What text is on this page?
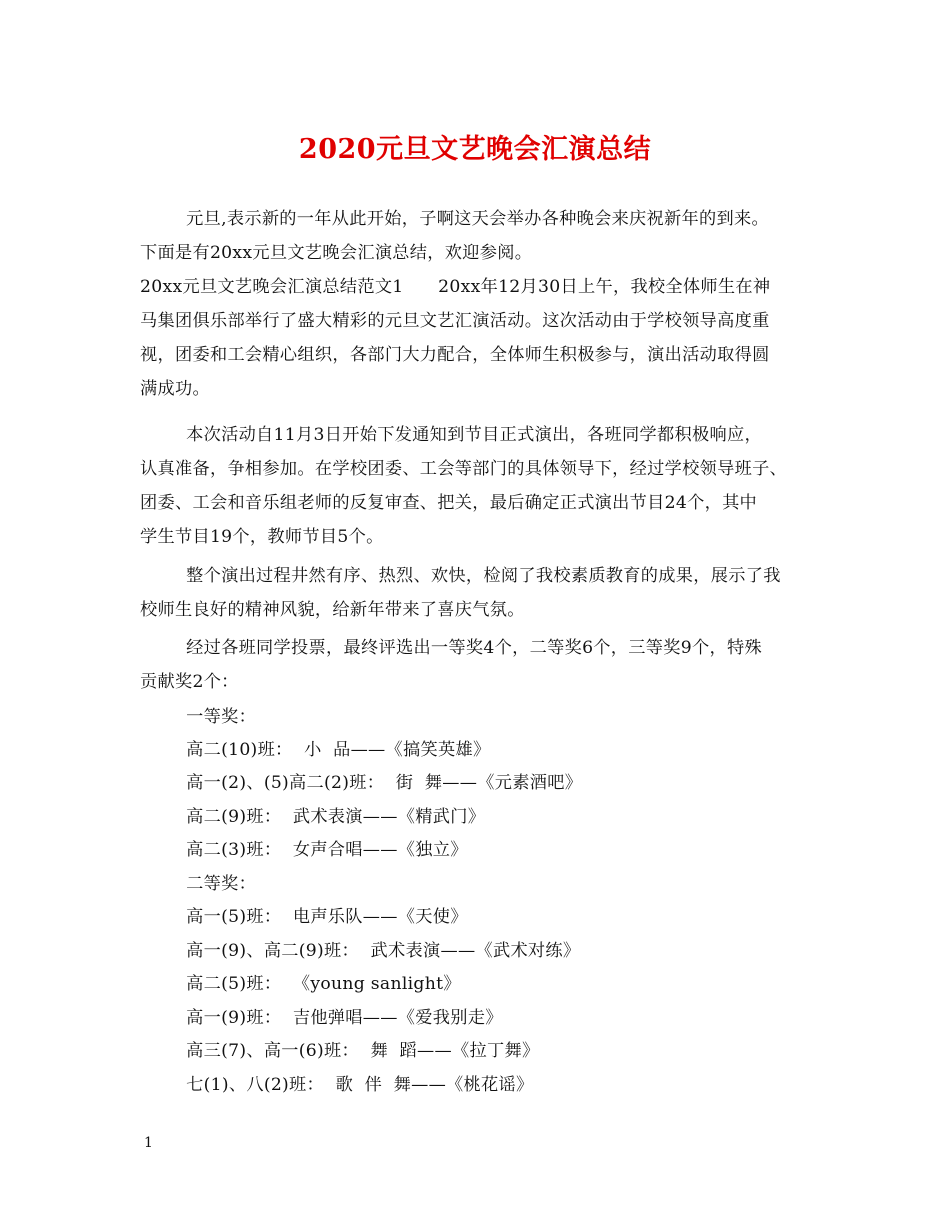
2020元旦文艺晚会汇演总结
元旦,表示新的一年从此开始，子啊这天会举办各种晚会来庆祝新年的到来。
下面是有20xx元旦文艺晚会汇演总结，欢迎参阅。
20xx元旦文艺晚会汇演总结范文1      20xx年12月30日上午，我校全体师生在神
马集团俱乐部举行了盛大精彩的元旦文艺汇演活动。这次活动由于学校领导高度重
视，团委和工会精心组织，各部门大力配合，全体师生积极参与，演出活动取得圆
满成功。
本次活动自11月3日开始下发通知到节目正式演出，各班同学都积极响应，
认真准备，争相参加。在学校团委、工会等部门的具体领导下，经过学校领导班子、
团委、工会和音乐组老师的反复审查、把关，最后确定正式演出节目24个，其中
学生节目19个，教师节目5个。
整个演出过程井然有序、热烈、欢快，检阅了我校素质教育的成果，展示了我
校师生良好的精神风貌，给新年带来了喜庆气氛。
经过各班同学投票，最终评选出一等奖4个，二等奖6个，三等奖9个，特殊
贡献奖2个：
一等奖：
高二(10)班：  小  品——《搞笑英雄》
高一(2)、(5)高二(2)班：  街  舞——《元素酒吧》
高二(9)班：  武术表演——《精武门》
高二(3)班：  女声合唱——《独立》
二等奖：
高一(5)班：  电声乐队——《天使》
高一(9)、高二(9)班：  武术表演——《武术对练》
高二(5)班：  《young sanlight》
高一(9)班：  吉他弹唱——《爱我别走》
高三(7)、高一(6)班：  舞  蹈——《拉丁舞》
七(1)、八(2)班：  歌  伴  舞——《桃花谣》
1
